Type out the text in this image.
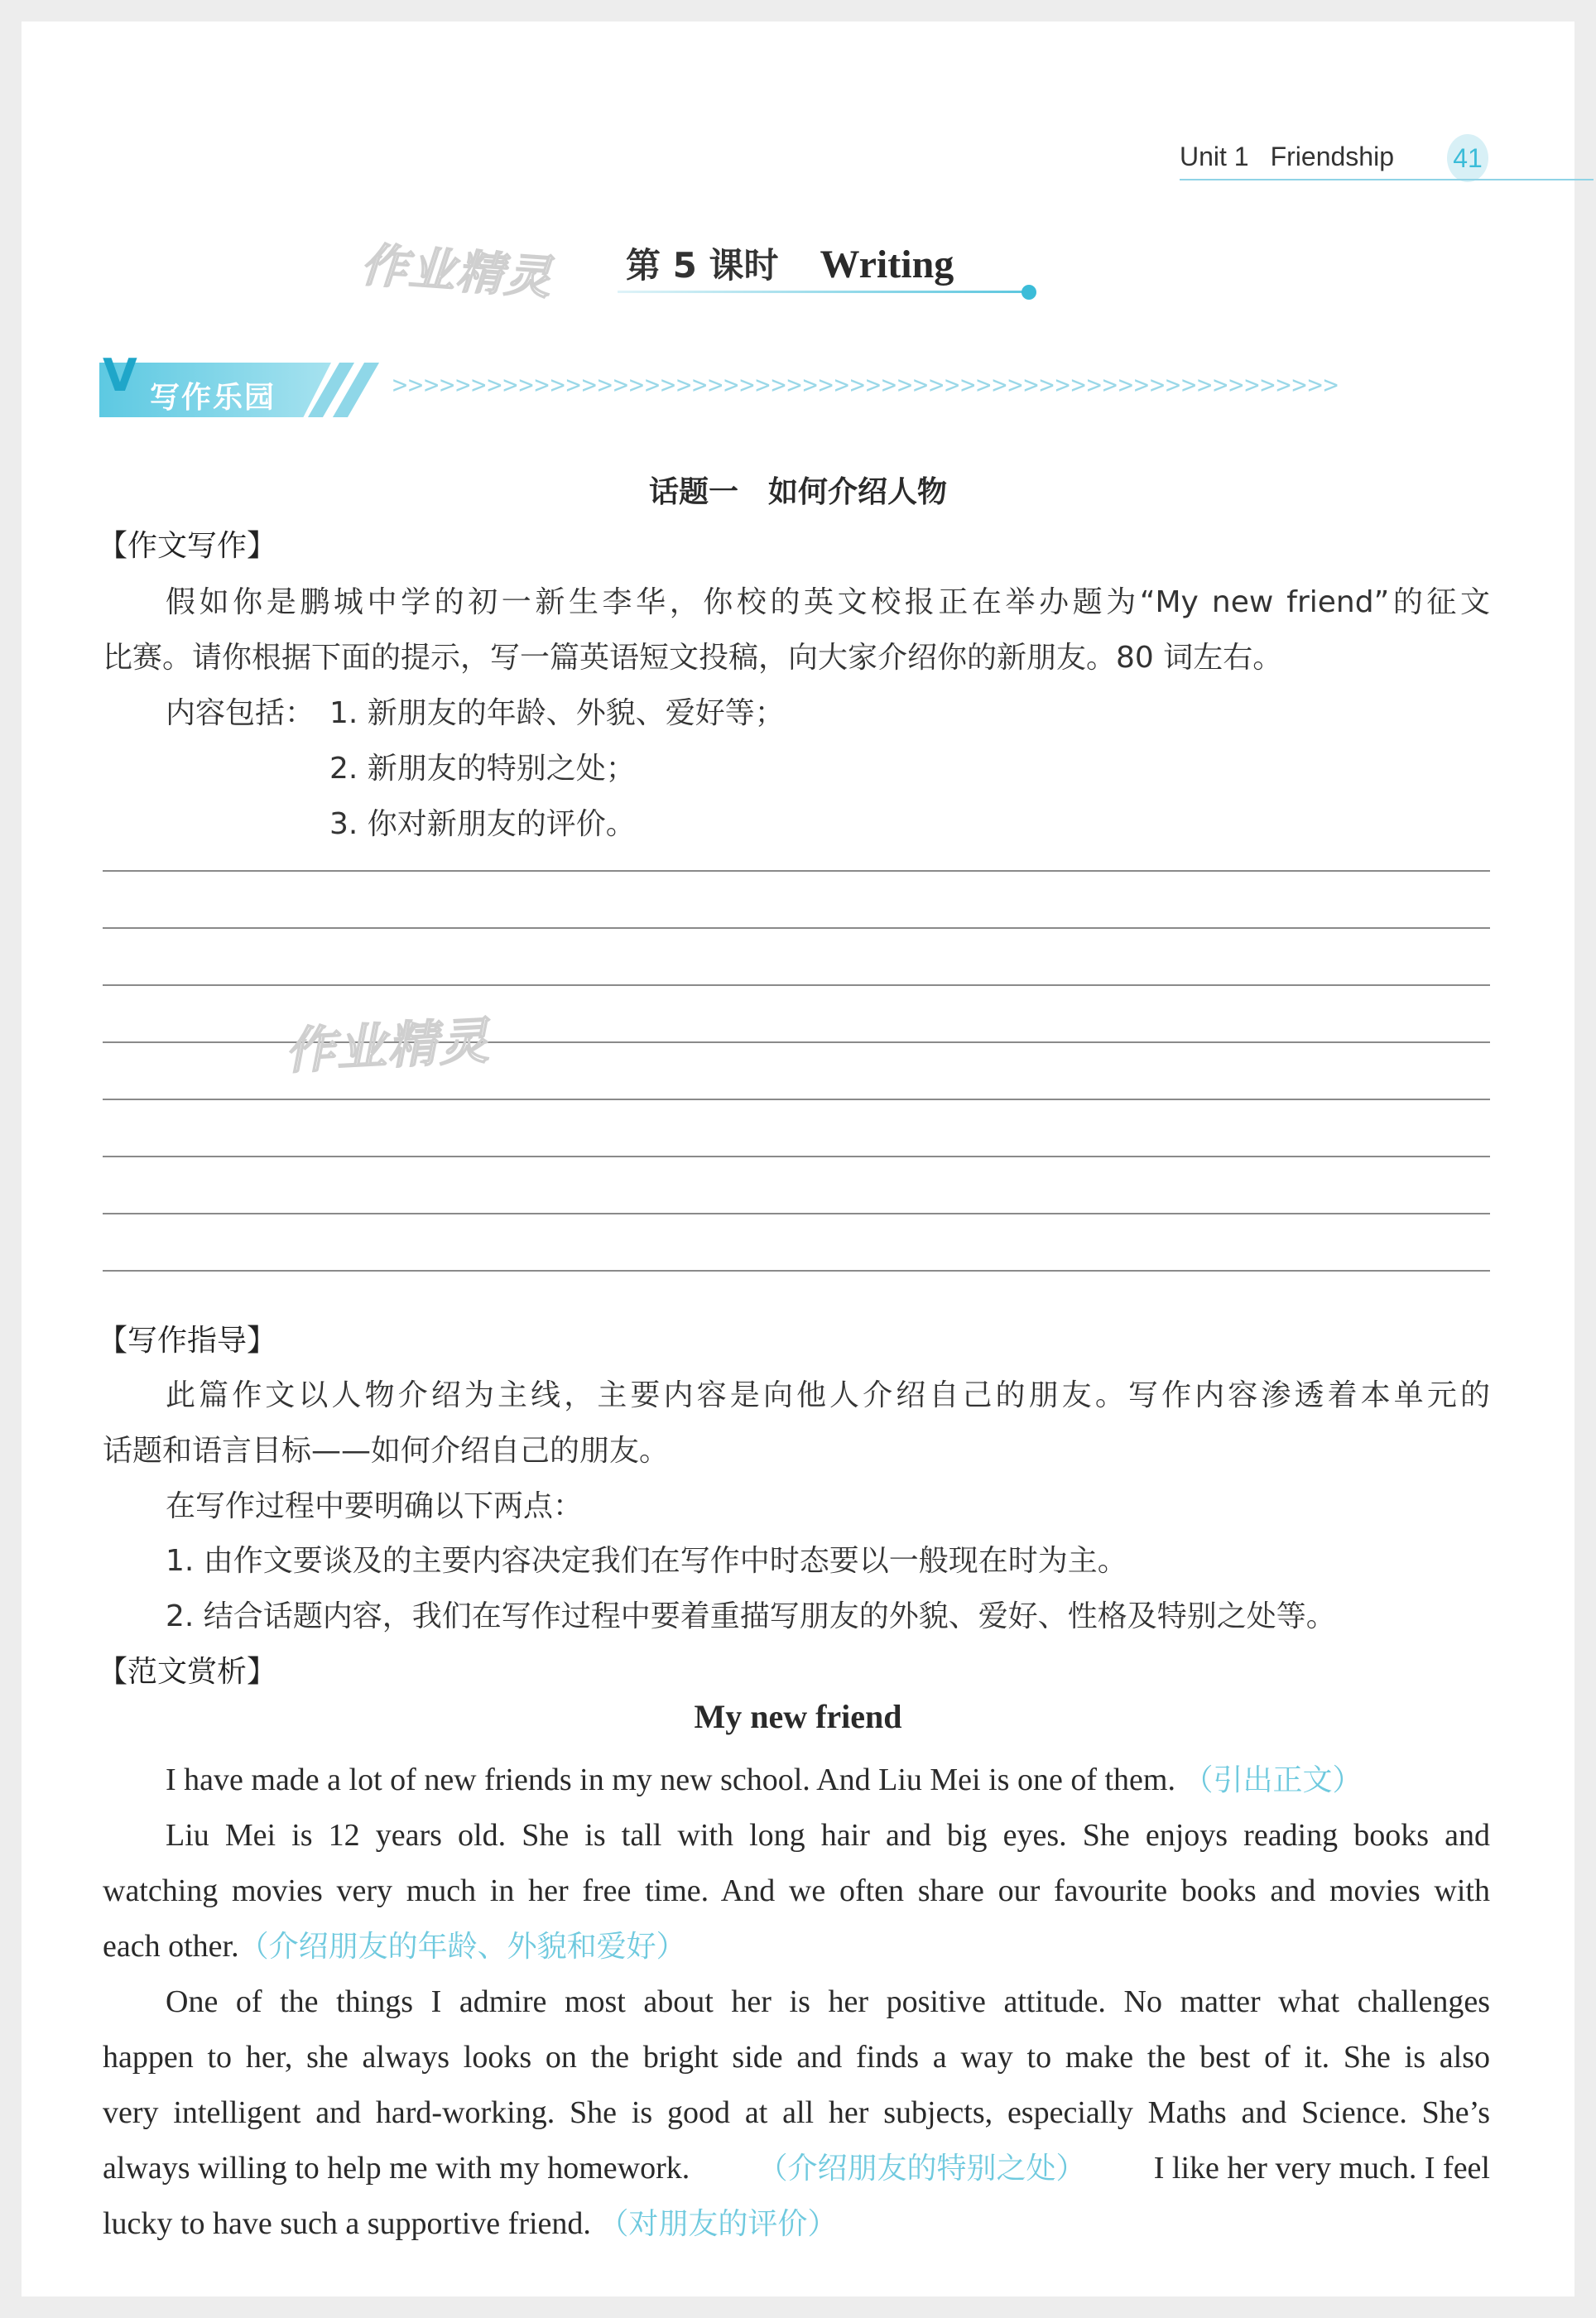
Unit 1 Friendship 41
作业精灵 第 5 课时 Writing
V 写作乐园	>>>>>>>>>>>>>>>>>>>>>>>>>>>>>>>>>>>>>>>>>>>>>>>>>>>>>>>>>>>>
话题一　如何介绍人物
【作文写作】
假如你是鹏城中学的初一新生李华，你校的英文校报正在举办题为“My new friend”的征文
比赛。请你根据下面的提示，写一篇英语短文投稿，向大家介绍你的新朋友。80 词左右。
内容包括： 1. 新朋友的年龄、外貌、爱好等；
2. 新朋友的特别之处；
3. 你对新朋友的评价。
作业精灵
【写作指导】
此篇作文以人物介绍为主线，主要内容是向他人介绍自己的朋友。写作内容渗透着本单元的
话题和语言目标——如何介绍自己的朋友。
在写作过程中要明确以下两点：
1. 由作文要谈及的主要内容决定我们在写作中时态要以一般现在时为主。
2. 结合话题内容，我们在写作过程中要着重描写朋友的外貌、爱好、性格及特别之处等。
【范文赏析】
My new friend
I have made a lot of new friends in my new school. And Liu Mei is one of them. （引出正文）
Liu Mei is 12 years old. She is tall with long hair and big eyes. She enjoys reading books and
watching movies very much in her free time. And we often share our favourite books and movies with
each other.（介绍朋友的年龄、外貌和爱好）
One of the things I admire most about her is her positive attitude. No matter what challenges
happen to her, she always looks on the bright side and finds a way to make the best of it. She is also
very intelligent and hard-working. She is good at all her subjects, especially Maths and Science. She’s
always willing to help me with my homework. （介绍朋友的特别之处） I like her very much. I feel
lucky to have such a supportive friend. （对朋友的评价）
